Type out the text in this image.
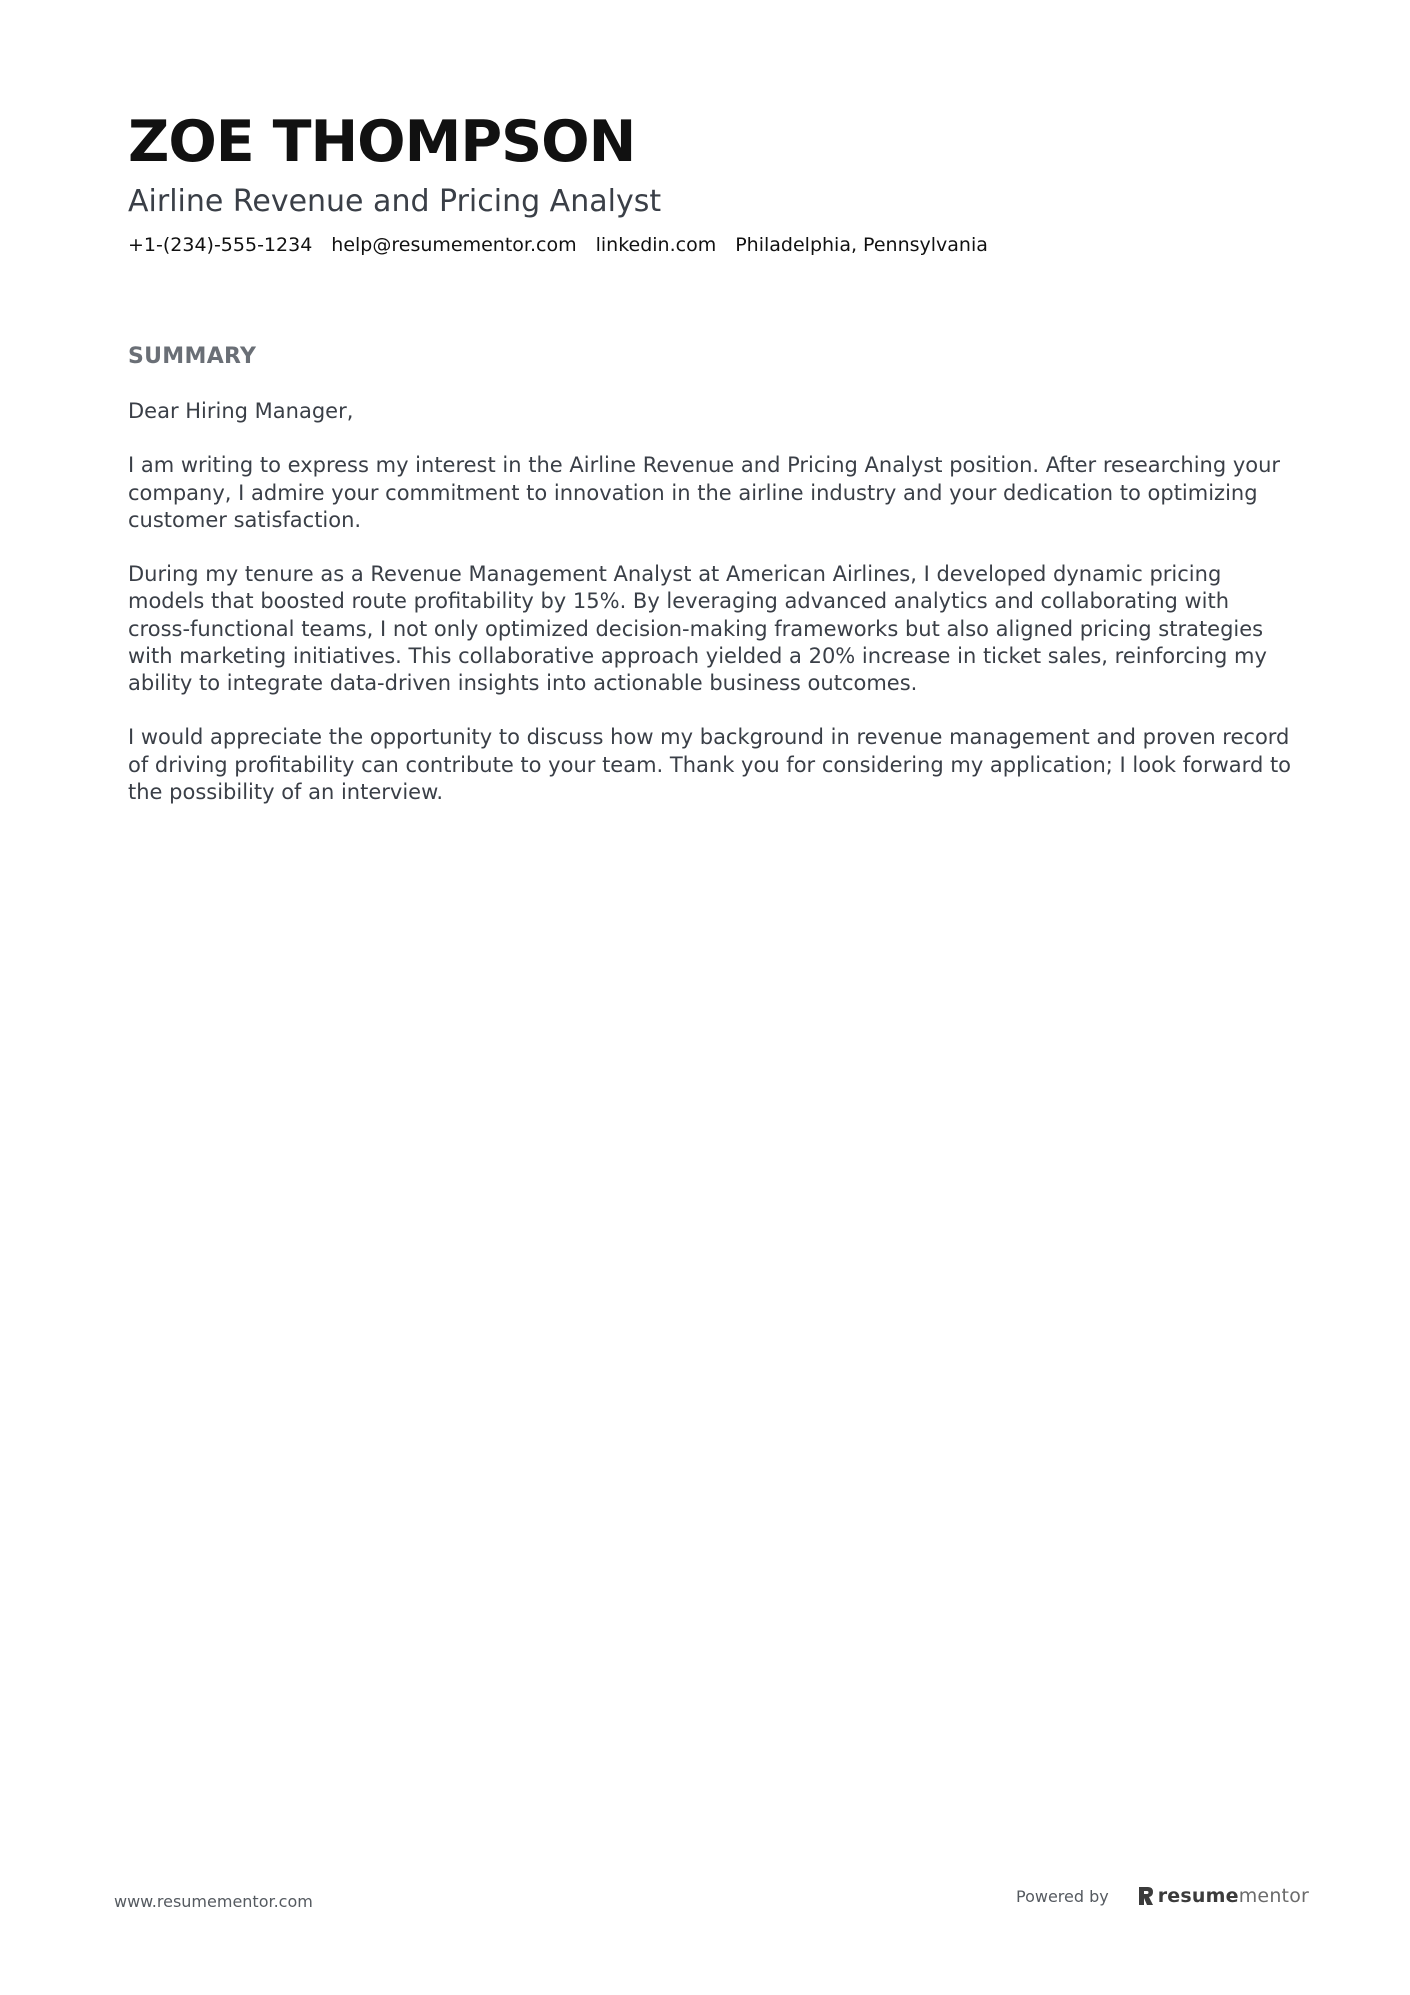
ZOE THOMPSON
Airline Revenue and Pricing Analyst
+1-(234)-555-1234 help@resumementor.com linkedin.com Philadelphia, Pennsylvania
SUMMARY

Dear Hiring Manager,

I am writing to express my interest in the Airline Revenue and Pricing Analyst position. After researching your company, I admire your commitment to innovation in the airline industry and your dedication to optimizing customer satisfaction.

During my tenure as a Revenue Management Analyst at American Airlines, I developed dynamic pricing models that boosted route profitability by 15%. By leveraging advanced analytics and collaborating with cross-functional teams, I not only optimized decision-making frameworks but also aligned pricing strategies with marketing initiatives. This collaborative approach yielded a 20% increase in ticket sales, reinforcing my ability to integrate data-driven insights into actionable business outcomes.

I would appreciate the opportunity to discuss how my background in revenue management and proven record of driving profitability can contribute to your team. Thank you for considering my application; I look forward to the possibility of an interview.

www.resumementor.com	Powered by	resumementor
